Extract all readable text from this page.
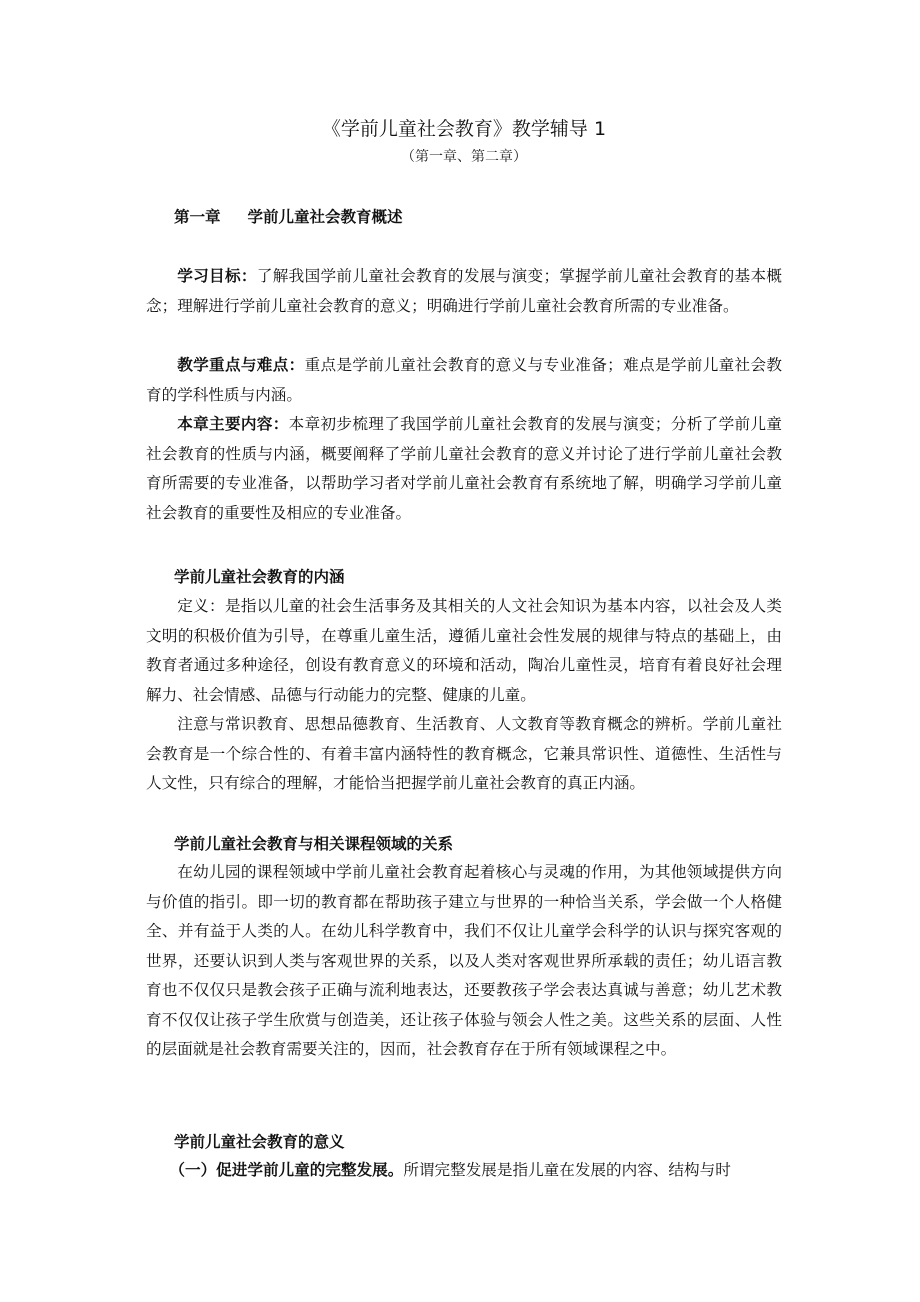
《学前儿童社会教育》教学辅导 1

（第一章、第二章）

第一章     学前儿童社会教育概述

学习目标：了解我国学前儿童社会教育的发展与演变；掌握学前儿童社会教育的基本概念；理解进行学前儿童社会教育的意义；明确进行学前儿童社会教育所需的专业准备。

教学重点与难点：重点是学前儿童社会教育的意义与专业准备；难点是学前儿童社会教育的学科性质与内涵。

本章主要内容：本章初步梳理了我国学前儿童社会教育的发展与演变；分析了学前儿童社会教育的性质与内涵，概要阐释了学前儿童社会教育的意义并讨论了进行学前儿童社会教育所需要的专业准备，以帮助学习者对学前儿童社会教育有系统地了解，明确学习学前儿童社会教育的重要性及相应的专业准备。

学前儿童社会教育的内涵

定义：是指以儿童的社会生活事务及其相关的人文社会知识为基本内容，以社会及人类文明的积极价值为引导，在尊重儿童生活，遵循儿童社会性发展的规律与特点的基础上，由教育者通过多种途径，创设有教育意义的环境和活动，陶冶儿童性灵，培育有着良好社会理解力、社会情感、品德与行动能力的完整、健康的儿童。

注意与常识教育、思想品德教育、生活教育、人文教育等教育概念的辨析。学前儿童社会教育是一个综合性的、有着丰富内涵特性的教育概念，它兼具常识性、道德性、生活性与人文性，只有综合的理解，才能恰当把握学前儿童社会教育的真正内涵。

学前儿童社会教育与相关课程领域的关系

在幼儿园的课程领域中学前儿童社会教育起着核心与灵魂的作用，为其他领域提供方向与价值的指引。即一切的教育都在帮助孩子建立与世界的一种恰当关系，学会做一个人格健全、并有益于人类的人。在幼儿科学教育中，我们不仅让儿童学会科学的认识与探究客观的世界，还要认识到人类与客观世界的关系，以及人类对客观世界所承载的责任；幼儿语言教育也不仅仅只是教会孩子正确与流利地表达，还要教孩子学会表达真诚与善意；幼儿艺术教育不仅仅让孩子学生欣赏与创造美，还让孩子体验与领会人性之美。这些关系的层面、人性的层面就是社会教育需要关注的，因而，社会教育存在于所有领域课程之中。

学前儿童社会教育的意义

（一）促进学前儿童的完整发展。所谓完整发展是指儿童在发展的内容、结构与时
